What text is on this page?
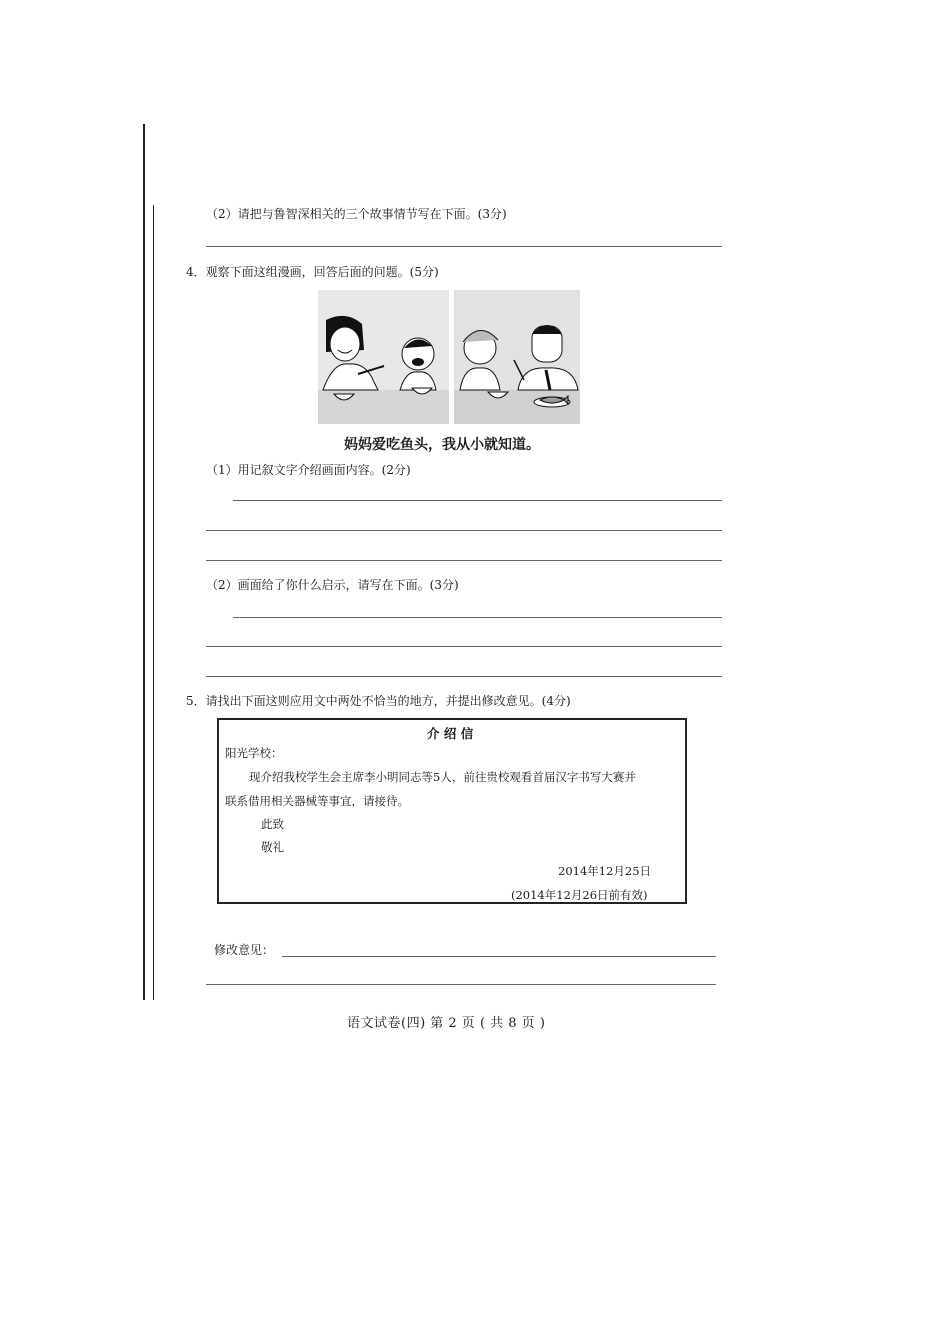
（2）请把与鲁智深相关的三个故事情节写在下面。(3分)
4．观察下面这组漫画，回答后面的问题。(5分)
妈妈爱吃鱼头，我从小就知道。
（1）用记叙文字介绍画面内容。(2分)
（2）画面给了你什么启示，请写在下面。(3分)
5．请找出下面这则应用文中两处不恰当的地方，并提出修改意见。(4分)
介 绍 信
阳光学校：
现介绍我校学生会主席李小明同志等5人，前往贵校观看首届汉字书写大赛并
联系借用相关器械等事宜，请接待。
此致
敬礼
2014年12月25日
(2014年12月26日前有效)
修改意见：
语文试卷(四) 第 2 页 ( 共 8 页 )
